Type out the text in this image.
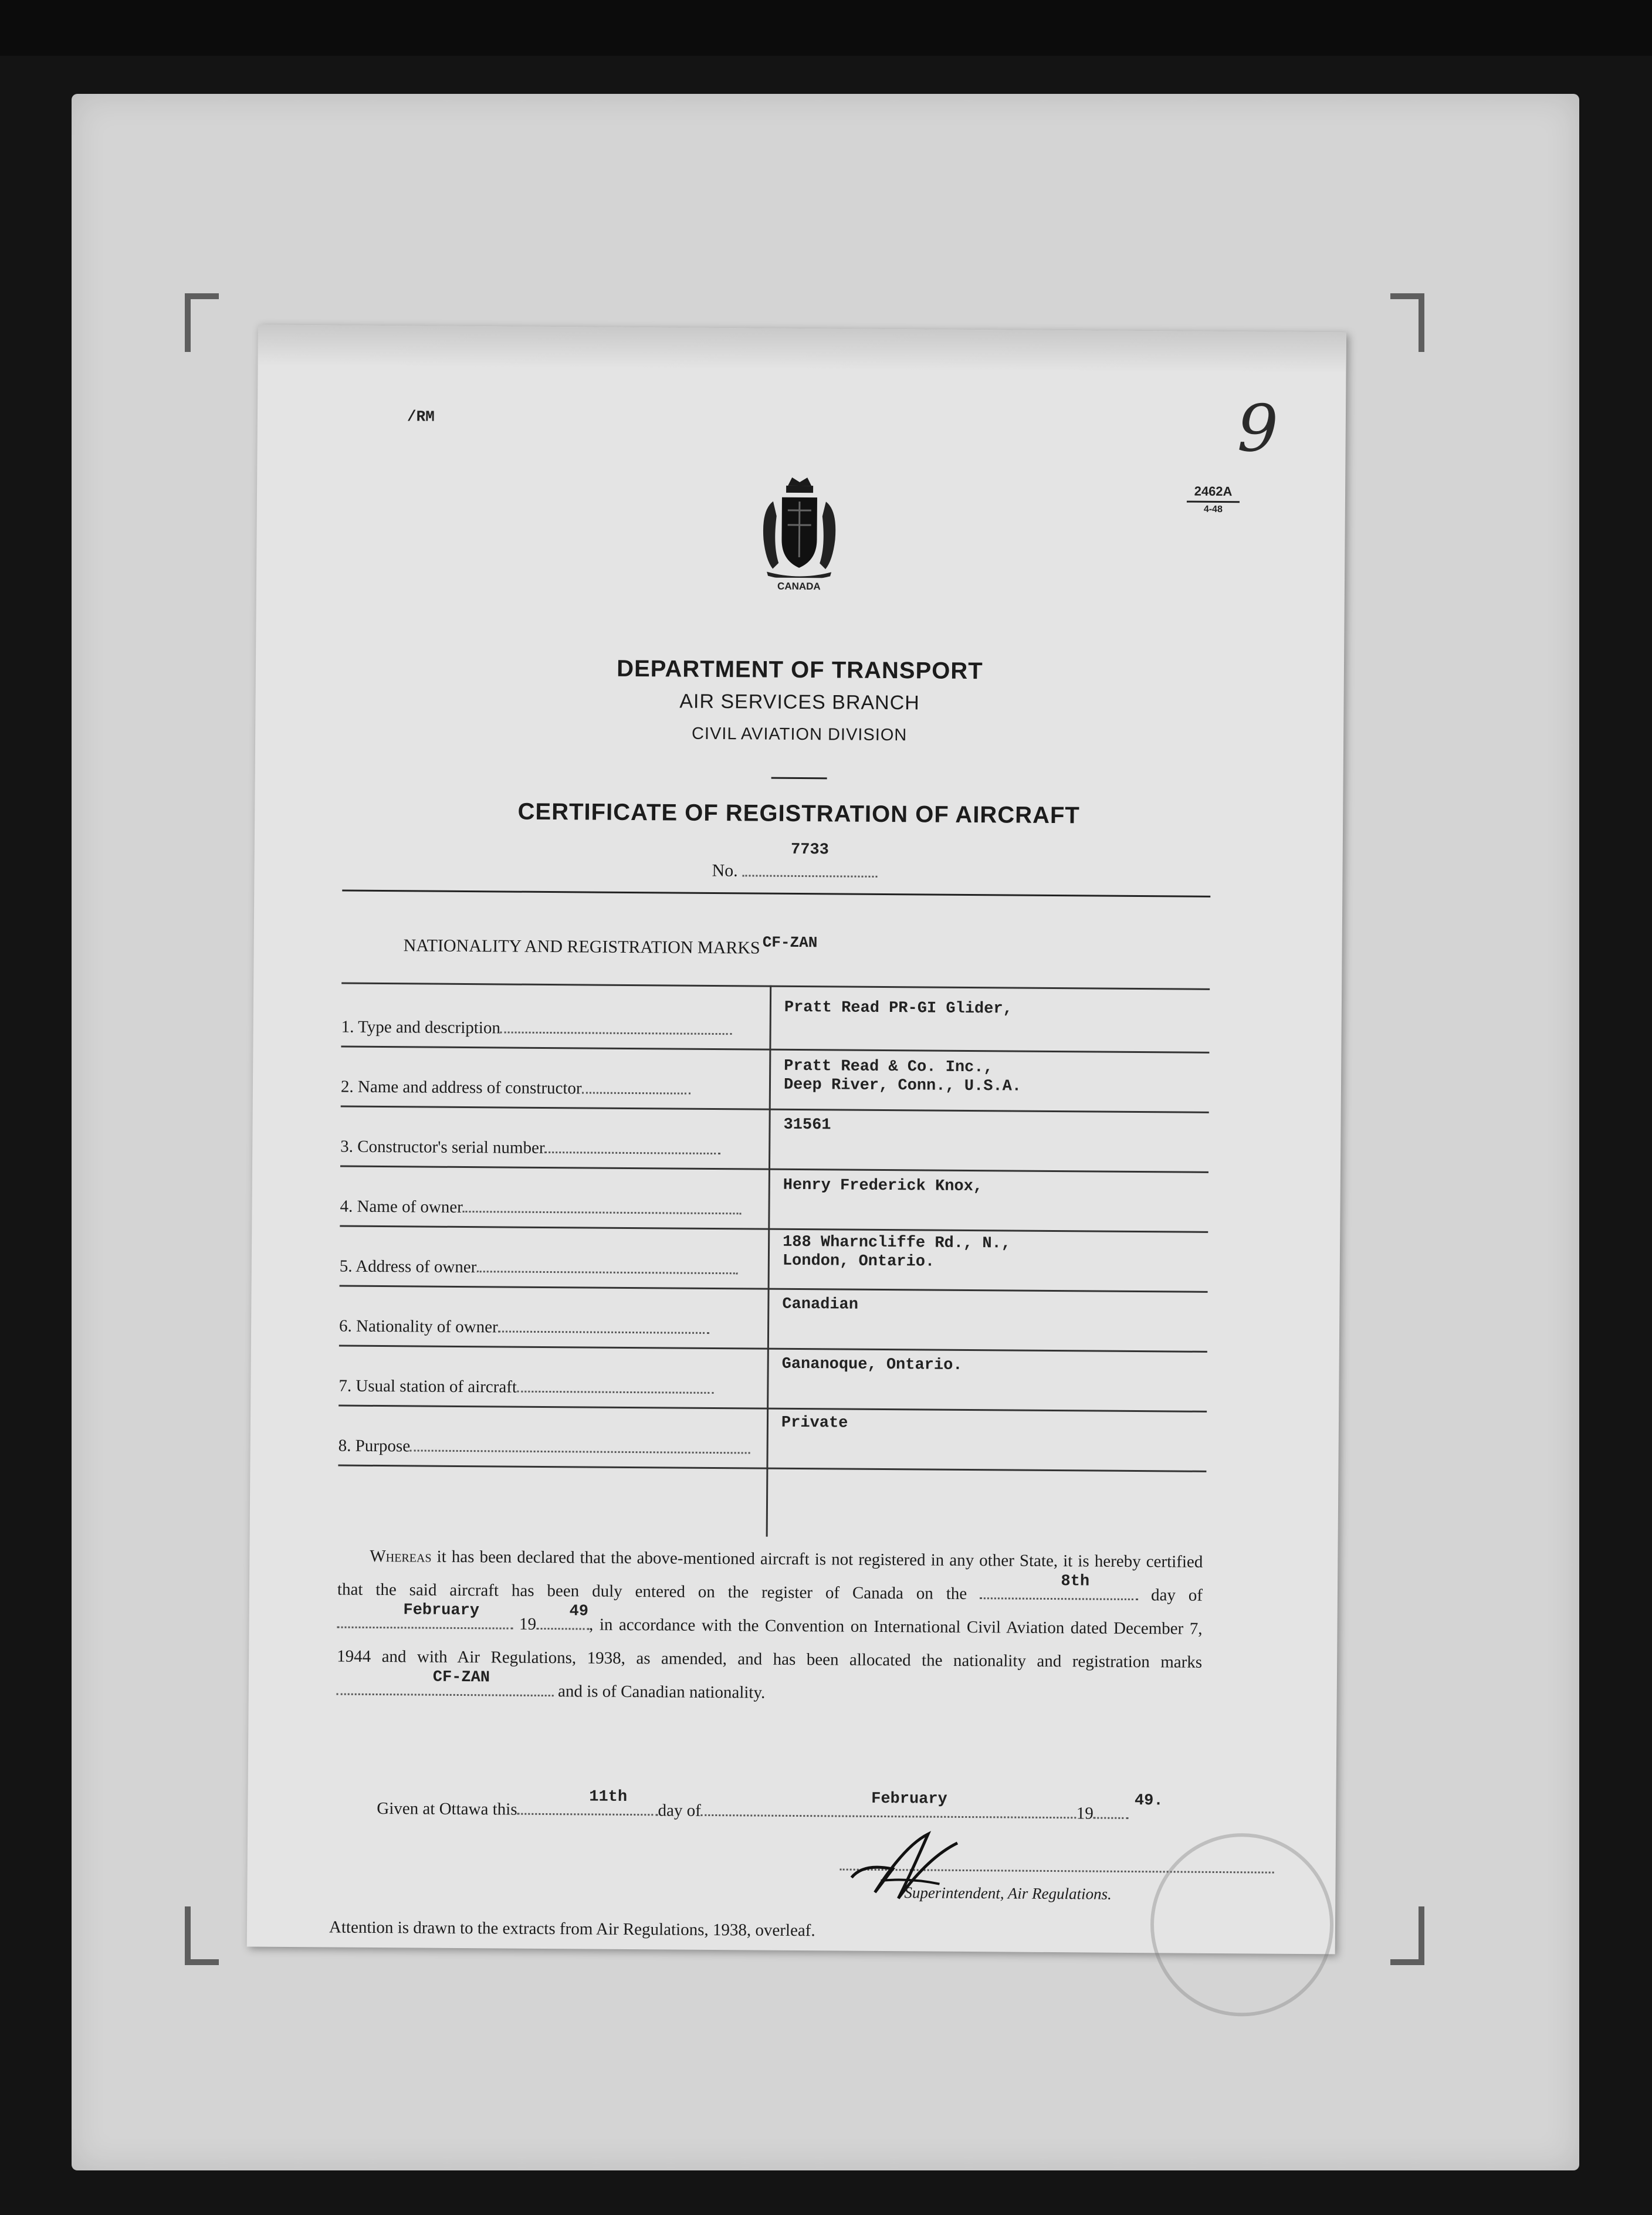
/RM	9
2462A
4-48
CANADA
DEPARTMENT OF TRANSPORT
AIR SERVICES BRANCH
CIVIL AVIATION DIVISION
CERTIFICATE OF REGISTRATION OF AIRCRAFT
No.
7733
NATIONALITY AND REGISTRATION MARKS CF-ZAN
1. Type and description
Pratt Read PR-GI Glider,
2. Name and address of constructor
Pratt Read & Co. Inc.,
Deep River, Conn., U.S.A.
3. Constructor's serial number
31561
4. Name of owner
Henry Frederick Knox,
5. Address of owner
188 Wharncliffe Rd., N.,
London, Ontario.
6. Nationality of owner
Canadian
7. Usual station of aircraft
Gananoque, Ontario.
8. Purpose
Private
Whereas it has been declared that the above-mentioned aircraft is not registered in any other State, it is hereby certified that the said aircraft has been duly entered on the register of Canada on the	8th
day of
February
19
49
, in accordance with the Convention on International Civil Aviation dated December 7, 1944 and with Air Regulations, 1938, as amended, and has been allocated the nationality and registration marks
CF-ZAN
and is of Canadian nationality.
Given at Ottawa this
11th
day of
February
19
49.
Superintendent, Air Regulations.
Attention is drawn to the extracts from Air Regulations, 1938, overleaf.
